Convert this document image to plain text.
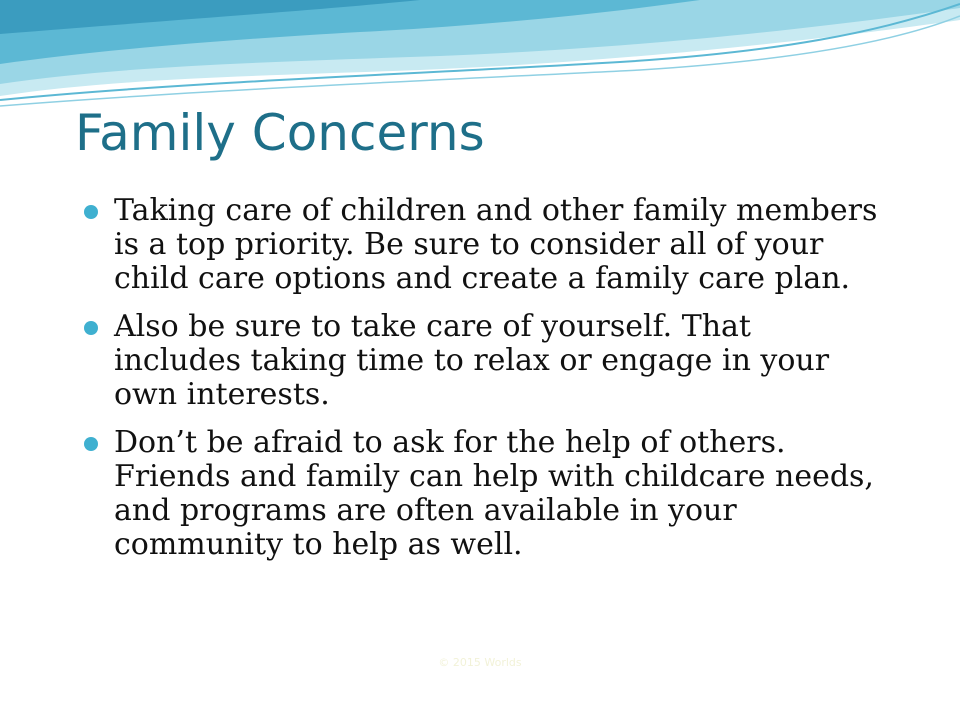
Family Concerns
Taking care of children and other family members is a top priority. Be sure to consider all of your child care options and create a family care plan.
Also be sure to take care of yourself. That includes taking time to relax or engage in your own interests.
Don’t be afraid to ask for the help of others. Friends and family can help with childcare needs, and programs are often available in your community to help as well.
© 2015 Worlds
